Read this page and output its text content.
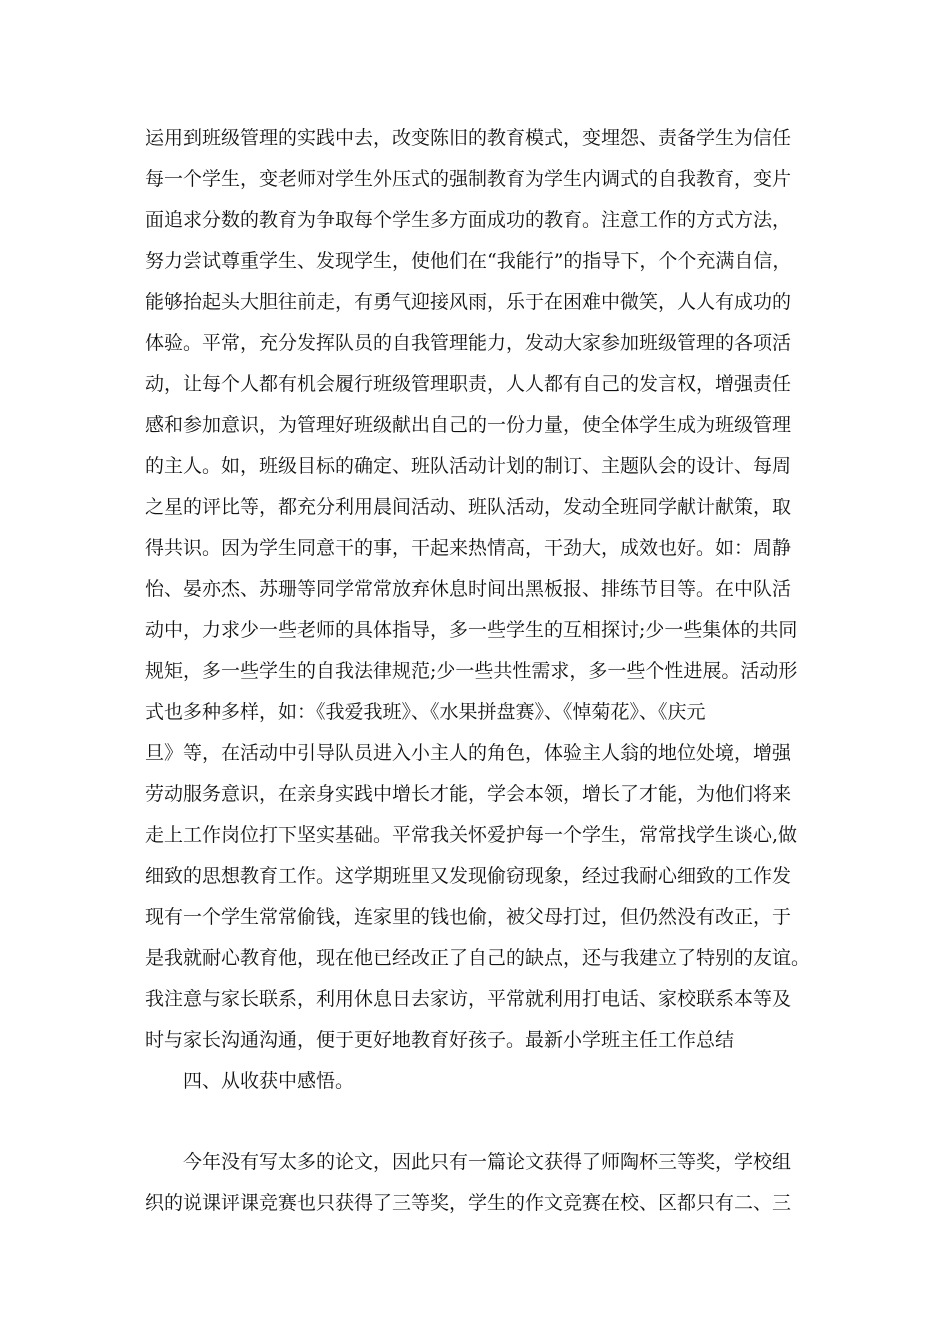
运用到班级管理的实践中去，改变陈旧的教育模式，变埋怨、责备学生为信任
每一个学生，变老师对学生外压式的强制教育为学生内调式的自我教育，变片
面追求分数的教育为争取每个学生多方面成功的教育。注意工作的方式方法，
努力尝试尊重学生、发现学生，使他们在“我能行”的指导下，个个充满自信，
能够抬起头大胆往前走，有勇气迎接风雨，乐于在困难中微笑，人人有成功的
体验。平常，充分发挥队员的自我管理能力，发动大家参加班级管理的各项活
动，让每个人都有机会履行班级管理职责，人人都有自己的发言权，增强责任
感和参加意识，为管理好班级献出自己的一份力量，使全体学生成为班级管理
的主人。如，班级目标的确定、班队活动计划的制订、主题队会的设计、每周
之星的评比等，都充分利用晨间活动、班队活动，发动全班同学献计献策，取
得共识。因为学生同意干的事，干起来热情高，干劲大，成效也好。如：周静
怡、晏亦杰、苏珊等同学常常放弃休息时间出黑板报、排练节目等。在中队活
动中，力求少一些老师的具体指导，多一些学生的互相探讨;少一些集体的共同
规矩，多一些学生的自我法律规范;少一些共性需求，多一些个性进展。活动形
式也多种多样，如：《我爱我班》、《水果拼盘赛》、《悼菊花》、《庆元
旦》等，在活动中引导队员进入小主人的角色，体验主人翁的地位处境，增强
劳动服务意识，在亲身实践中增长才能，学会本领，增长了才能，为他们将来
走上工作岗位打下坚实基础。平常我关怀爱护每一个学生，常常找学生谈心,做
细致的思想教育工作。这学期班里又发现偷窃现象，经过我耐心细致的工作发
现有一个学生常常偷钱，连家里的钱也偷，被父母打过，但仍然没有改正，于
是我就耐心教育他，现在他已经改正了自己的缺点，还与我建立了特别的友谊。
我注意与家长联系，利用休息日去家访，平常就利用打电话、家校联系本等及
时与家长沟通沟通，便于更好地教育好孩子。最新小学班主任工作总结
四、从收获中感悟。
今年没有写太多的论文，因此只有一篇论文获得了师陶杯三等奖，学校组
织的说课评课竞赛也只获得了三等奖，学生的作文竞赛在校、区都只有二、三
